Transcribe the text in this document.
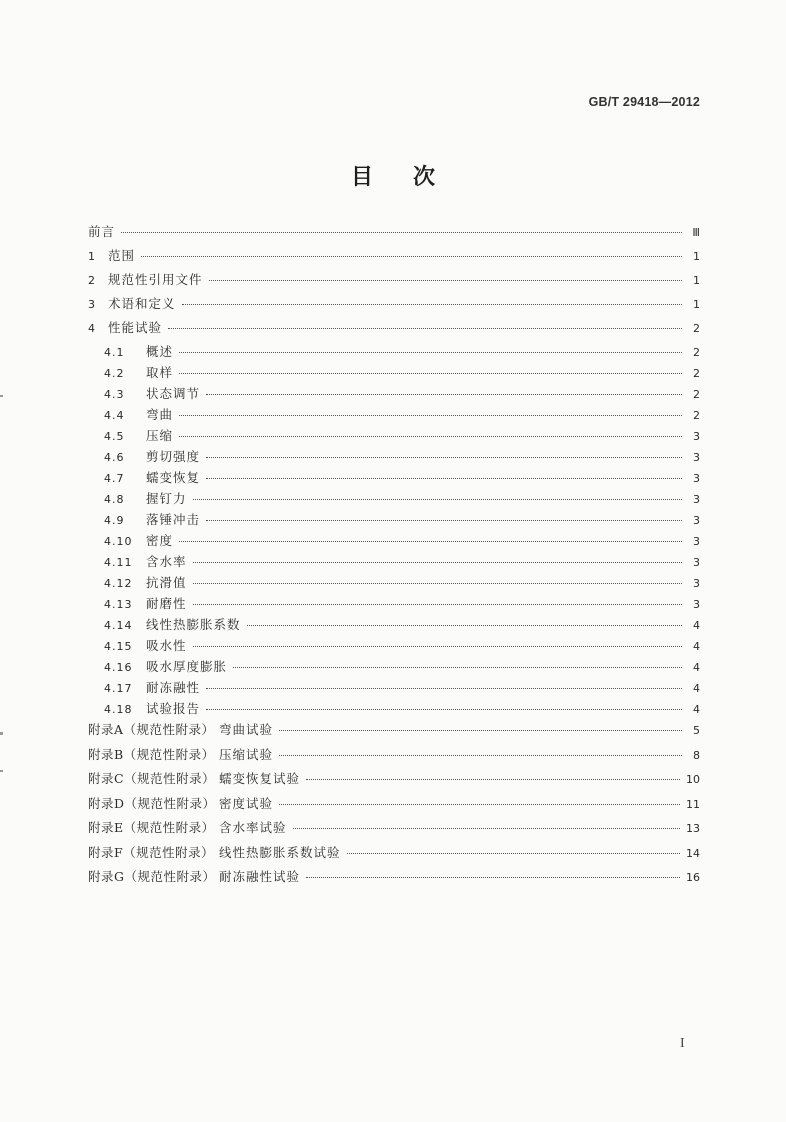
GB/T 29418—2012
目次
前言	Ⅲ
1	范围	1
2	规范性引用文件	1
3	术语和定义	1
4	性能试验	2
4.1	概述	2
4.2	取样	2
4.3	状态调节	2
4.4	弯曲	2
4.5	压缩	3
4.6	剪切强度	3
4.7	蠕变恢复	3
4.8	握钉力	3
4.9	落锤冲击	3
4.10	密度	3
4.11	含水率	3
4.12	抗滑值	3
4.13	耐磨性	3
4.14	线性热膨胀系数	4
4.15	吸水性	4
4.16	吸水厚度膨胀	4
4.17	耐冻融性	4
4.18	试验报告	4
附录A（规范性附录） 弯曲试验	5
附录B（规范性附录） 压缩试验	8
附录C（规范性附录） 蠕变恢复试验	10
附录D（规范性附录） 密度试验	11
附录E（规范性附录） 含水率试验	13
附录F（规范性附录） 线性热膨胀系数试验	14
附录G（规范性附录） 耐冻融性试验	16
I
